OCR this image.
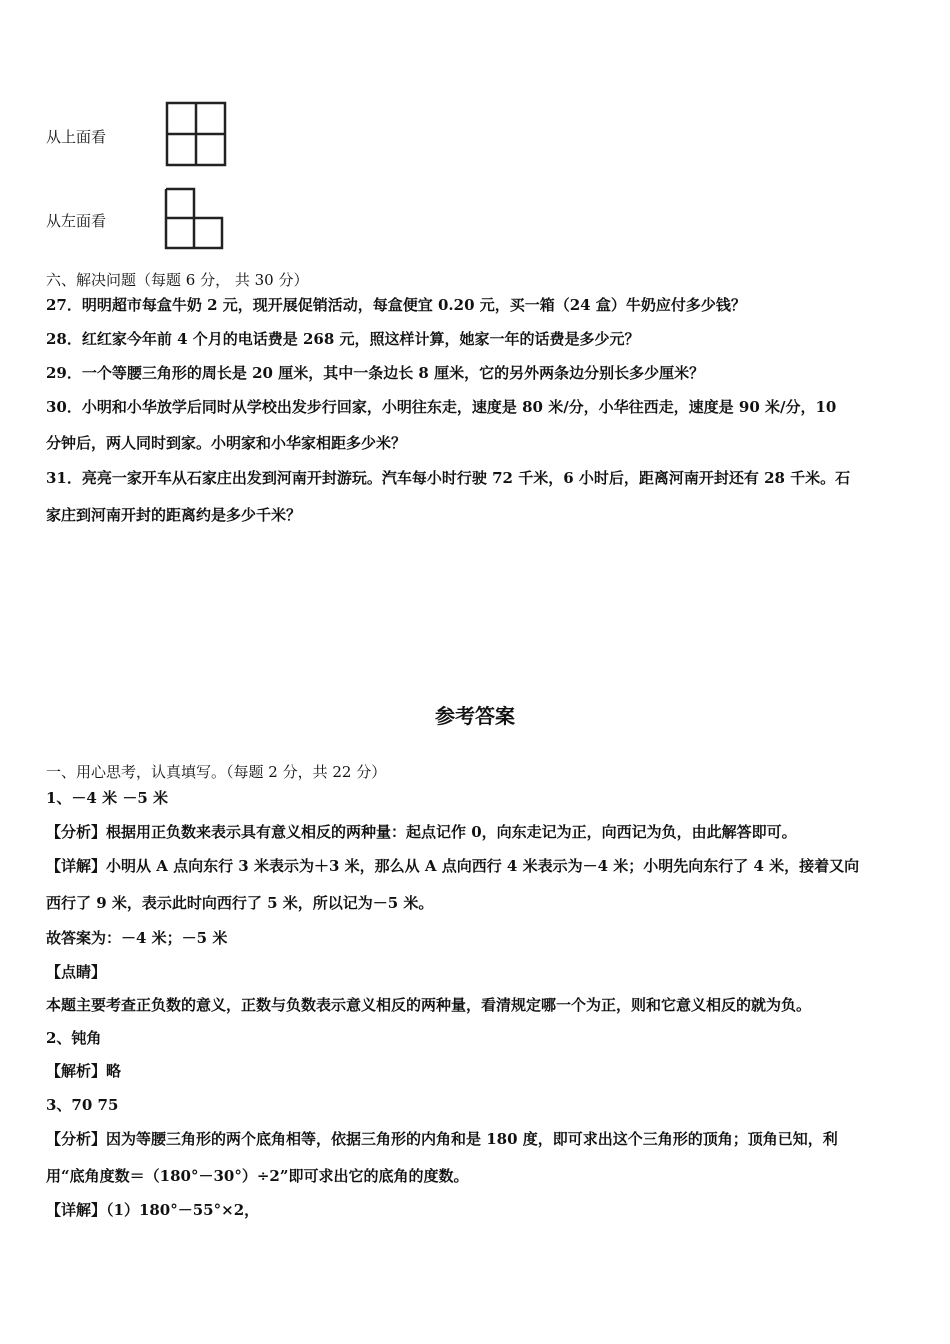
从上面看
从左面看
六、解决问题（每题 6 分， 共 30 分）
27．明明超市每盒牛奶 2 元，现开展促销活动，每盒便宜 0.20 元，买一箱（24 盒）牛奶应付多少钱？
28．红红家今年前 4 个月的电话费是 268 元，照这样计算，她家一年的话费是多少元？
29．一个等腰三角形的周长是 20 厘米，其中一条边长 8 厘米，它的另外两条边分别长多少厘米？
30．小明和小华放学后同时从学校出发步行回家，小明往东走，速度是 80 米/分，小华往西走，速度是 90 米/分，10
分钟后，两人同时到家。小明家和小华家相距多少米？
31．亮亮一家开车从石家庄出发到河南开封游玩。汽车每小时行驶 72 千米，6 小时后，距离河南开封还有 28 千米。石
家庄到河南开封的距离约是多少千米？
参考答案
一、用心思考，认真填写。（每题 2 分，共 22 分）
1、－4 米 －5 米
【分析】根据用正负数来表示具有意义相反的两种量：起点记作 0，向东走记为正，向西记为负，由此解答即可。
【详解】小明从 A 点向东行 3 米表示为＋3 米，那么从 A 点向西行 4 米表示为－4 米；小明先向东行了 4 米，接着又向
西行了 9 米，表示此时向西行了 5 米，所以记为－5 米。
故答案为：－4 米；－5 米
【点睛】
本题主要考查正负数的意义，正数与负数表示意义相反的两种量，看清规定哪一个为正，则和它意义相反的就为负。
2、钝角
【解析】略
3、70 75
【分析】因为等腰三角形的两个底角相等，依据三角形的内角和是 180 度，即可求出这个三角形的顶角；顶角已知，利
用“底角度数＝（180°－30°）÷2”即可求出它的底角的度数。
【详解】（1）180°－55°×2，
